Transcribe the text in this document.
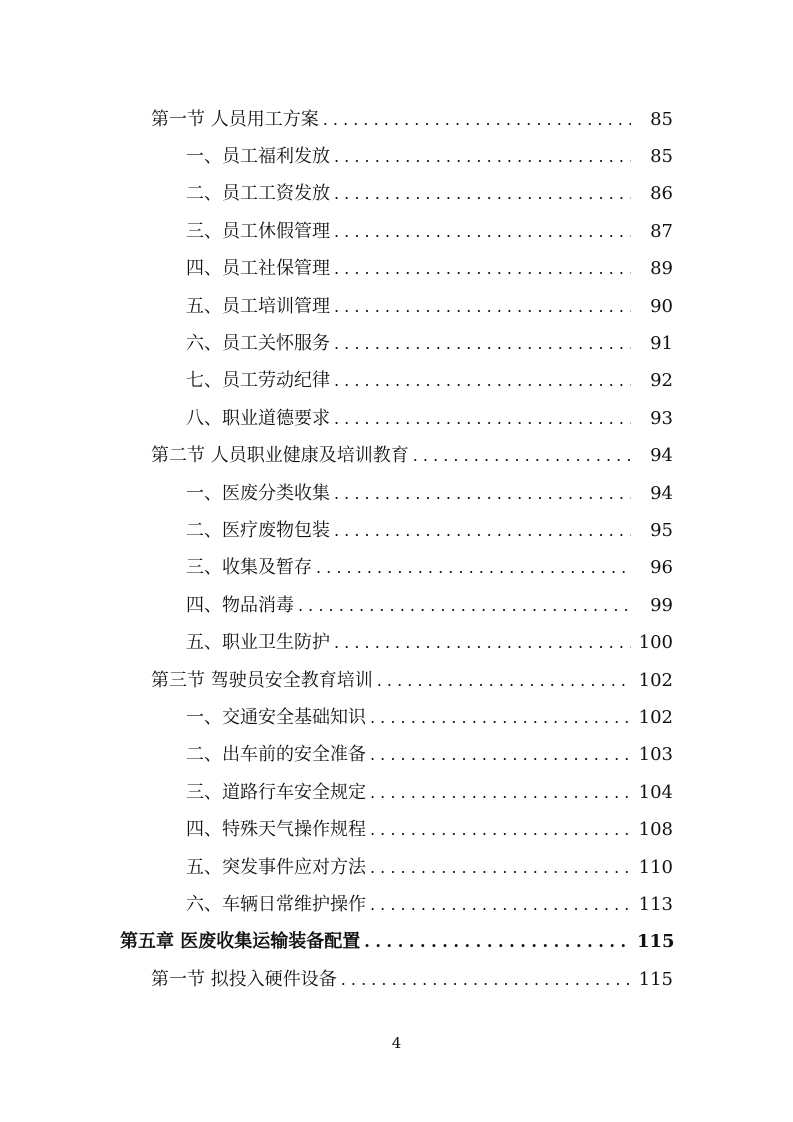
第一节 人员用工方案 . . .	85
一、员工福利发放 . . .	85
二、员工工资发放 . . .	86
三、员工休假管理 . . .	87
四、员工社保管理 . . .	89
五、员工培训管理 . . .	90
六、员工关怀服务 . . .	91
七、员工劳动纪律 . . .	92
八、职业道德要求 . . .	93
第二节 人员职业健康及培训教育 . . .	94
一、医废分类收集 . . .	94
二、医疗废物包装 . . .	95
三、收集及暂存 . . .	96
四、物品消毒 . . .	99
五、职业卫生防护 . . .	100
第三节 驾驶员安全教育培训 . . .	102
一、交通安全基础知识 . . .	102
二、出车前的安全准备 . . .	103
三、道路行车安全规定 . . .	104
四、特殊天气操作规程 . . .	108
五、突发事件应对方法 . . .	110
六、车辆日常维护操作 . . .	113
第五章 医废收集运输装备配置 . . .	115
第一节 拟投入硬件设备 . . .	115
4
